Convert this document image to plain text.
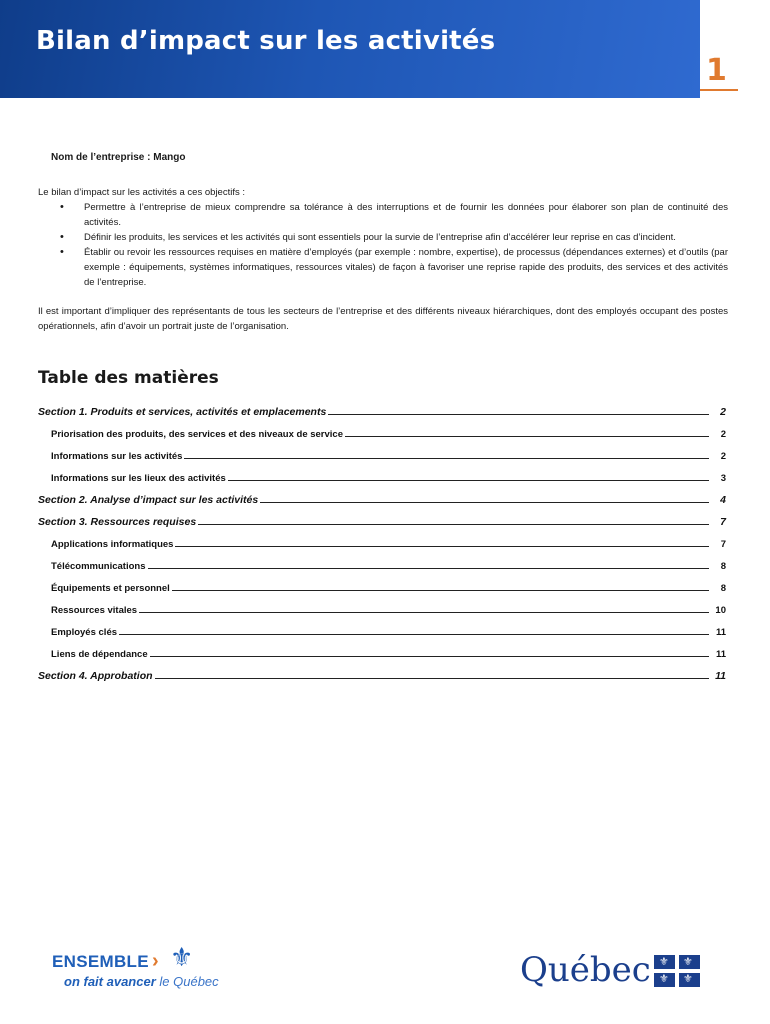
Bilan d’impact sur les activités
1
Nom de l’entreprise : Mango

Le bilan d’impact sur les activités a ces objectifs :

• Permettre à l’entreprise de mieux comprendre sa tolérance à des interruptions et de fournir les données pour élaborer son plan de continuité des activités.
• Définir les produits, les services et les activités qui sont essentiels pour la survie de l’entreprise afin d’accélérer leur reprise en cas d’incident.
• Établir ou revoir les ressources requises en matière d’employés (par exemple : nombre, expertise), de processus (dépendances externes) et d’outils (par exemple : équipements, systèmes informatiques, ressources vitales) de façon à favoriser une reprise rapide des produits, des services et des activités de l’entreprise.
Il est important d’impliquer des représentants de tous les secteurs de l’entreprise et des différents niveaux hiérarchiques, dont des employés occupant des postes opérationnels, afin d’avoir un portrait juste de l’organisation.
Table des matières
Section 1. Produits et services, activités et emplacements	2
Priorisation des produits, des services et des niveaux de service	2
Informations sur les activités	2
Informations sur les lieux des activités	3
Section 2. Analyse d’impact sur les activités	4
Section 3. Ressources requises	7
Applications informatiques	7
Télécommunications	8
Équipements et personnel	8
Ressources vitales	10
Employés clés	11
Liens de dépendance	11
Section 4. Approbation	11
ENSEMBLE › ⚜
on fait avancer le Québec	Québec ⚜ ⚜
⚜ ⚜
